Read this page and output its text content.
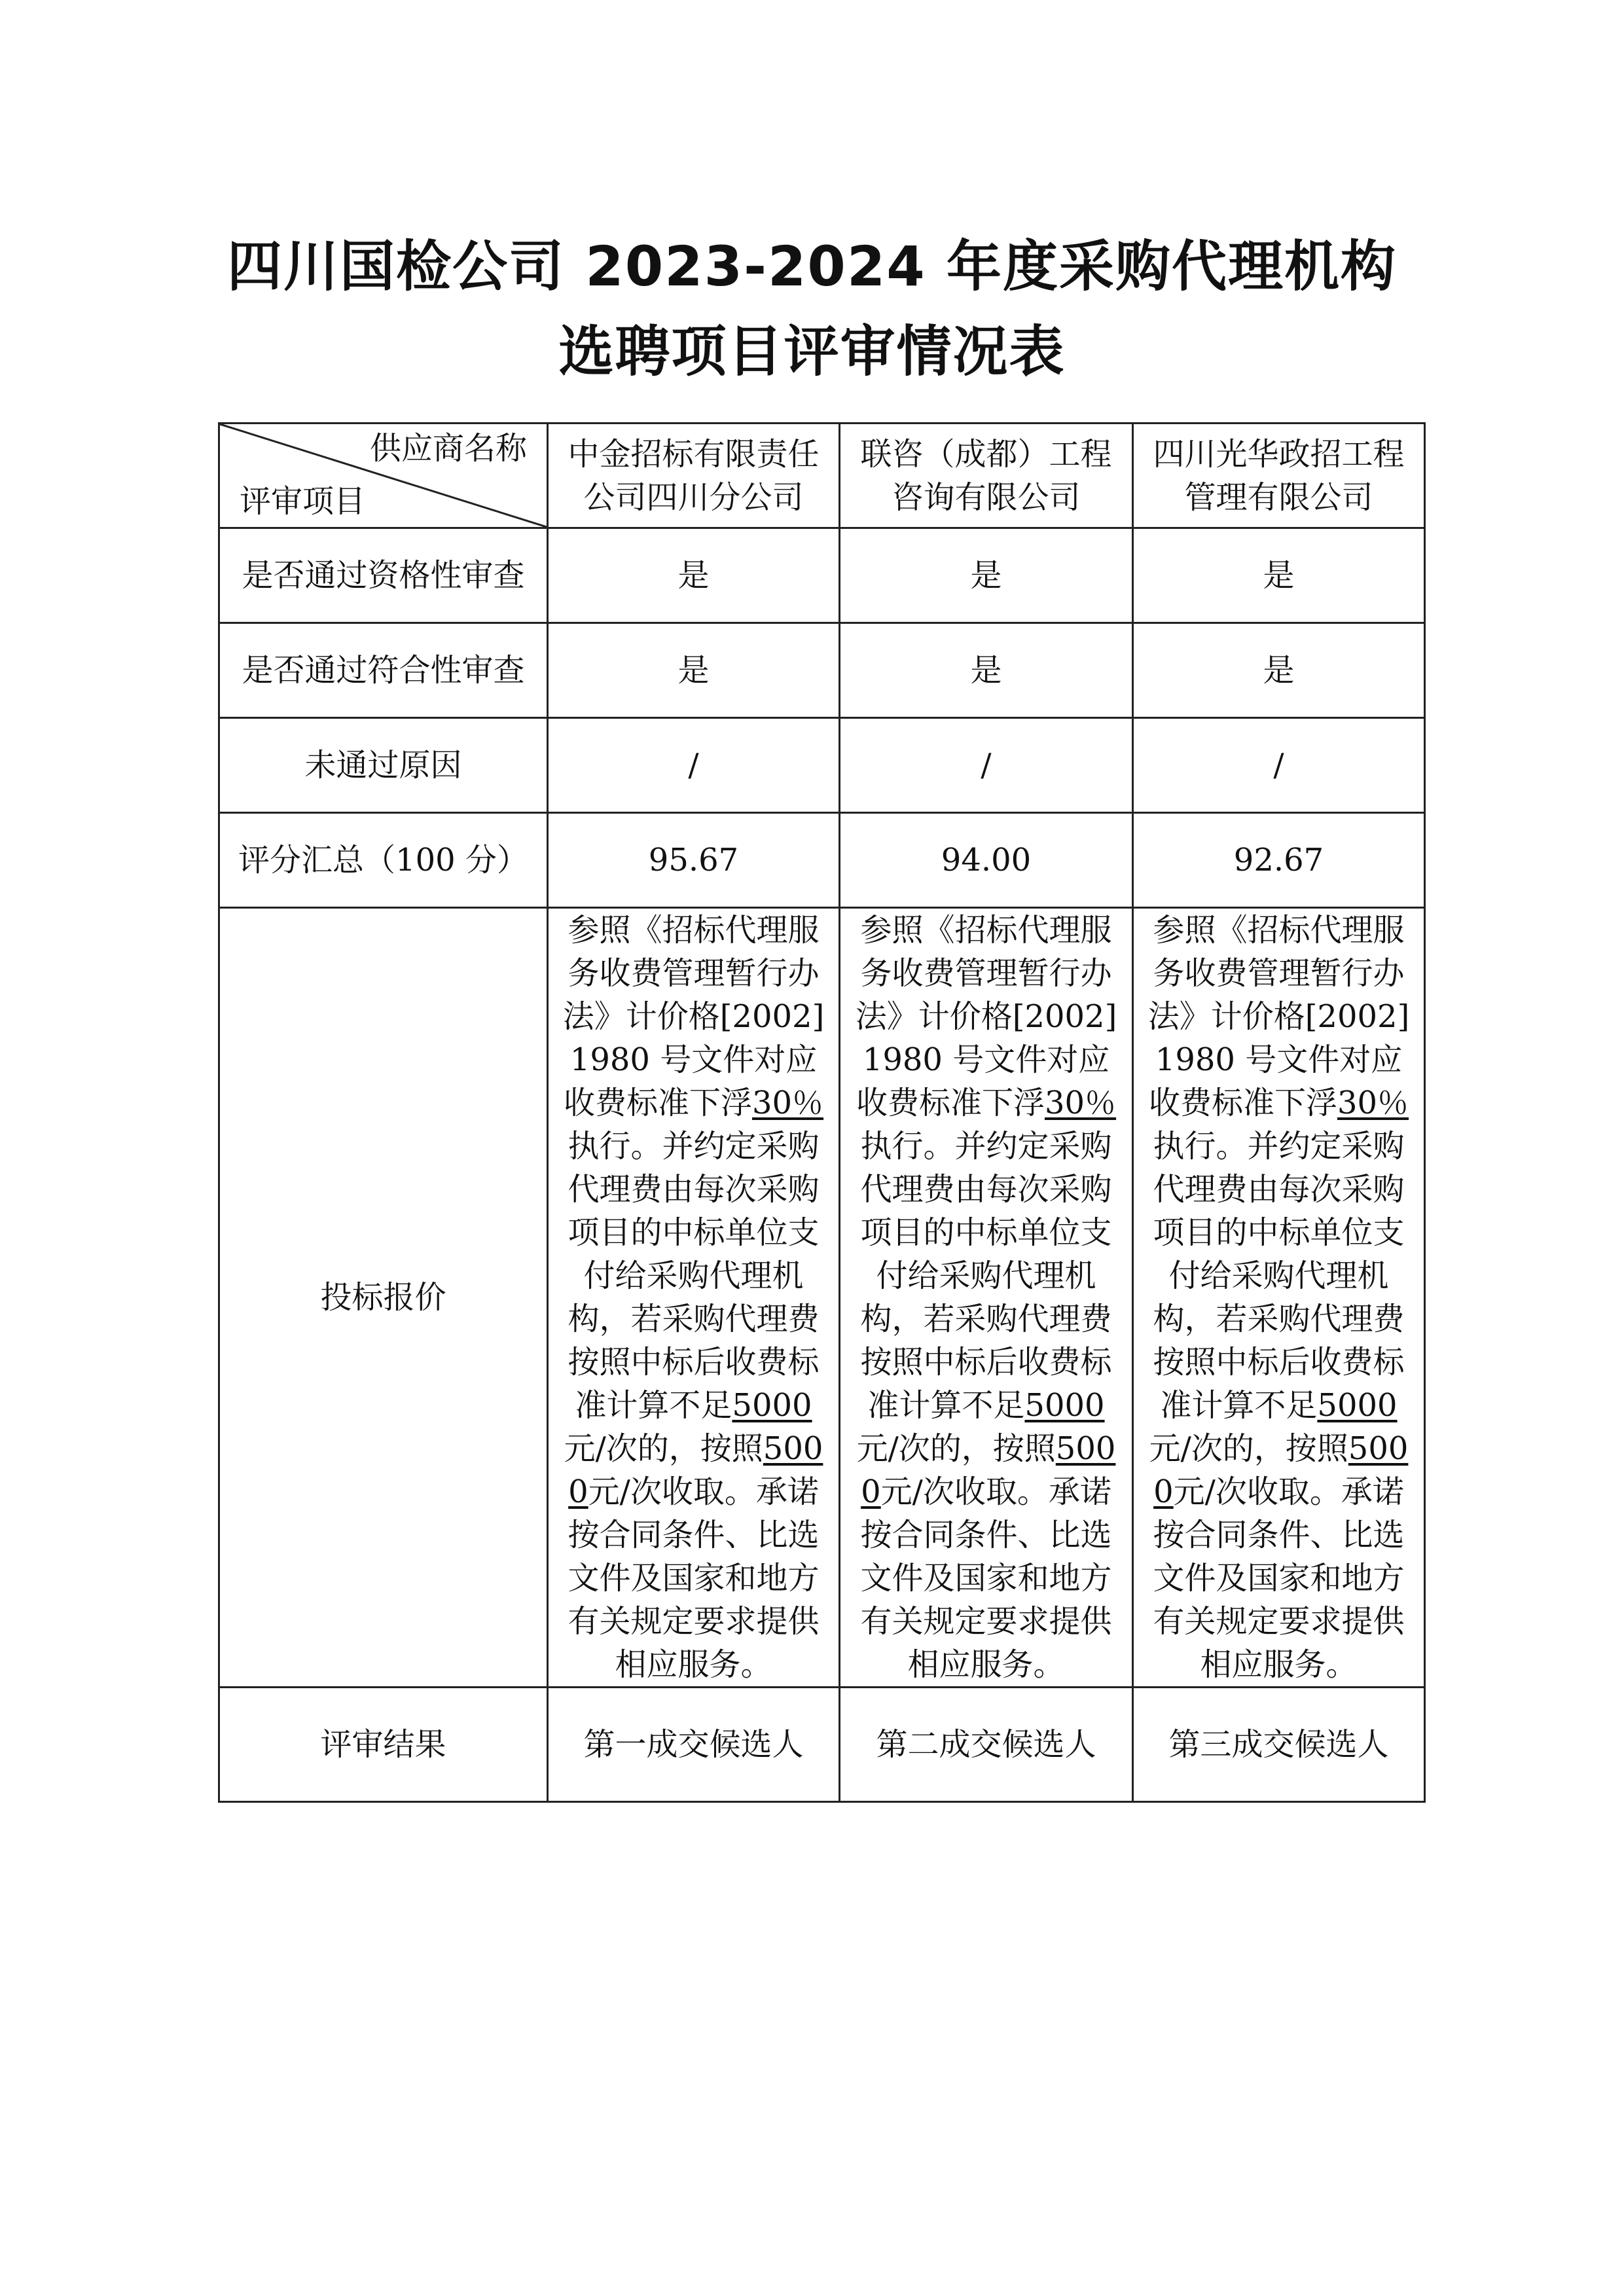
四川国检公司 2023-2024 年度采购代理机构
选聘项目评审情况表
供应商名称
评审项目	中金招标有限责任公司四川分公司	联咨（成都）工程咨询有限公司	四川光华政招工程管理有限公司
是否通过资格性审查	是	是	是
是否通过符合性审查	是	是	是
未通过原因	/	/	/
评分汇总（100 分）	95.67	94.00	92.67
投标报价	参照《招标代理服务收费管理暂行办法》计价格[2002]1980 号文件对应收费标准下浮30％执行。并约定采购代理费由每次采购项目的中标单位支付给采购代理机构，若采购代理费按照中标后收费标准计算不足5000元/次的，按照5000元/次收取。承诺按合同条件、比选文件及国家和地方有关规定要求提供相应服务。	参照《招标代理服务收费管理暂行办法》计价格[2002]1980 号文件对应收费标准下浮30％执行。并约定采购代理费由每次采购项目的中标单位支付给采购代理机构，若采购代理费按照中标后收费标准计算不足5000元/次的，按照5000元/次收取。承诺按合同条件、比选文件及国家和地方有关规定要求提供相应服务。	参照《招标代理服务收费管理暂行办法》计价格[2002]1980 号文件对应收费标准下浮30％执行。并约定采购代理费由每次采购项目的中标单位支付给采购代理机构，若采购代理费按照中标后收费标准计算不足5000元/次的，按照5000元/次收取。承诺按合同条件、比选文件及国家和地方有关规定要求提供相应服务。
评审结果	第一成交候选人	第二成交候选人	第三成交候选人
